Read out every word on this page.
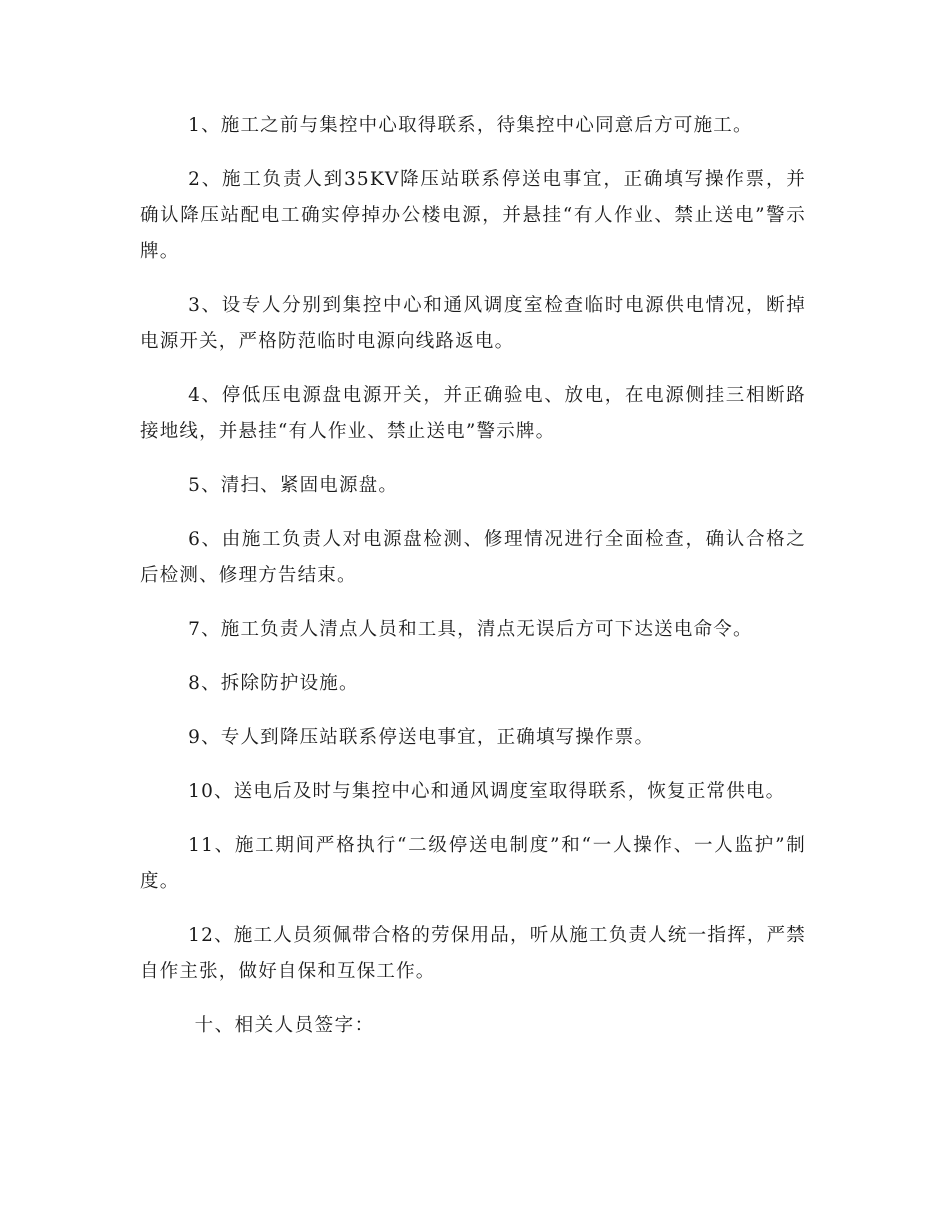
1、施工之前与集控中心取得联系，待集控中心同意后方可施工。

2、施工负责人到35KV降压站联系停送电事宜，正确填写操作票，并确认降压站配电工确实停掉办公楼电源，并悬挂“有人作业、禁止送电”警示牌。

3、设专人分别到集控中心和通风调度室检查临时电源供电情况，断掉电源开关，严格防范临时电源向线路返电。

4、停低压电源盘电源开关，并正确验电、放电，在电源侧挂三相断路接地线，并悬挂“有人作业、禁止送电”警示牌。

5、清扫、紧固电源盘。

6、由施工负责人对电源盘检测、修理情况进行全面检查，确认合格之后检测、修理方告结束。

7、施工负责人清点人员和工具，清点无误后方可下达送电命令。

8、拆除防护设施。

9、专人到降压站联系停送电事宜，正确填写操作票。

10、送电后及时与集控中心和通风调度室取得联系，恢复正常供电。

11、施工期间严格执行“二级停送电制度”和“一人操作、一人监护”制度。

12、施工人员须佩带合格的劳保用品，听从施工负责人统一指挥，严禁自作主张，做好自保和互保工作。

十、相关人员签字：
